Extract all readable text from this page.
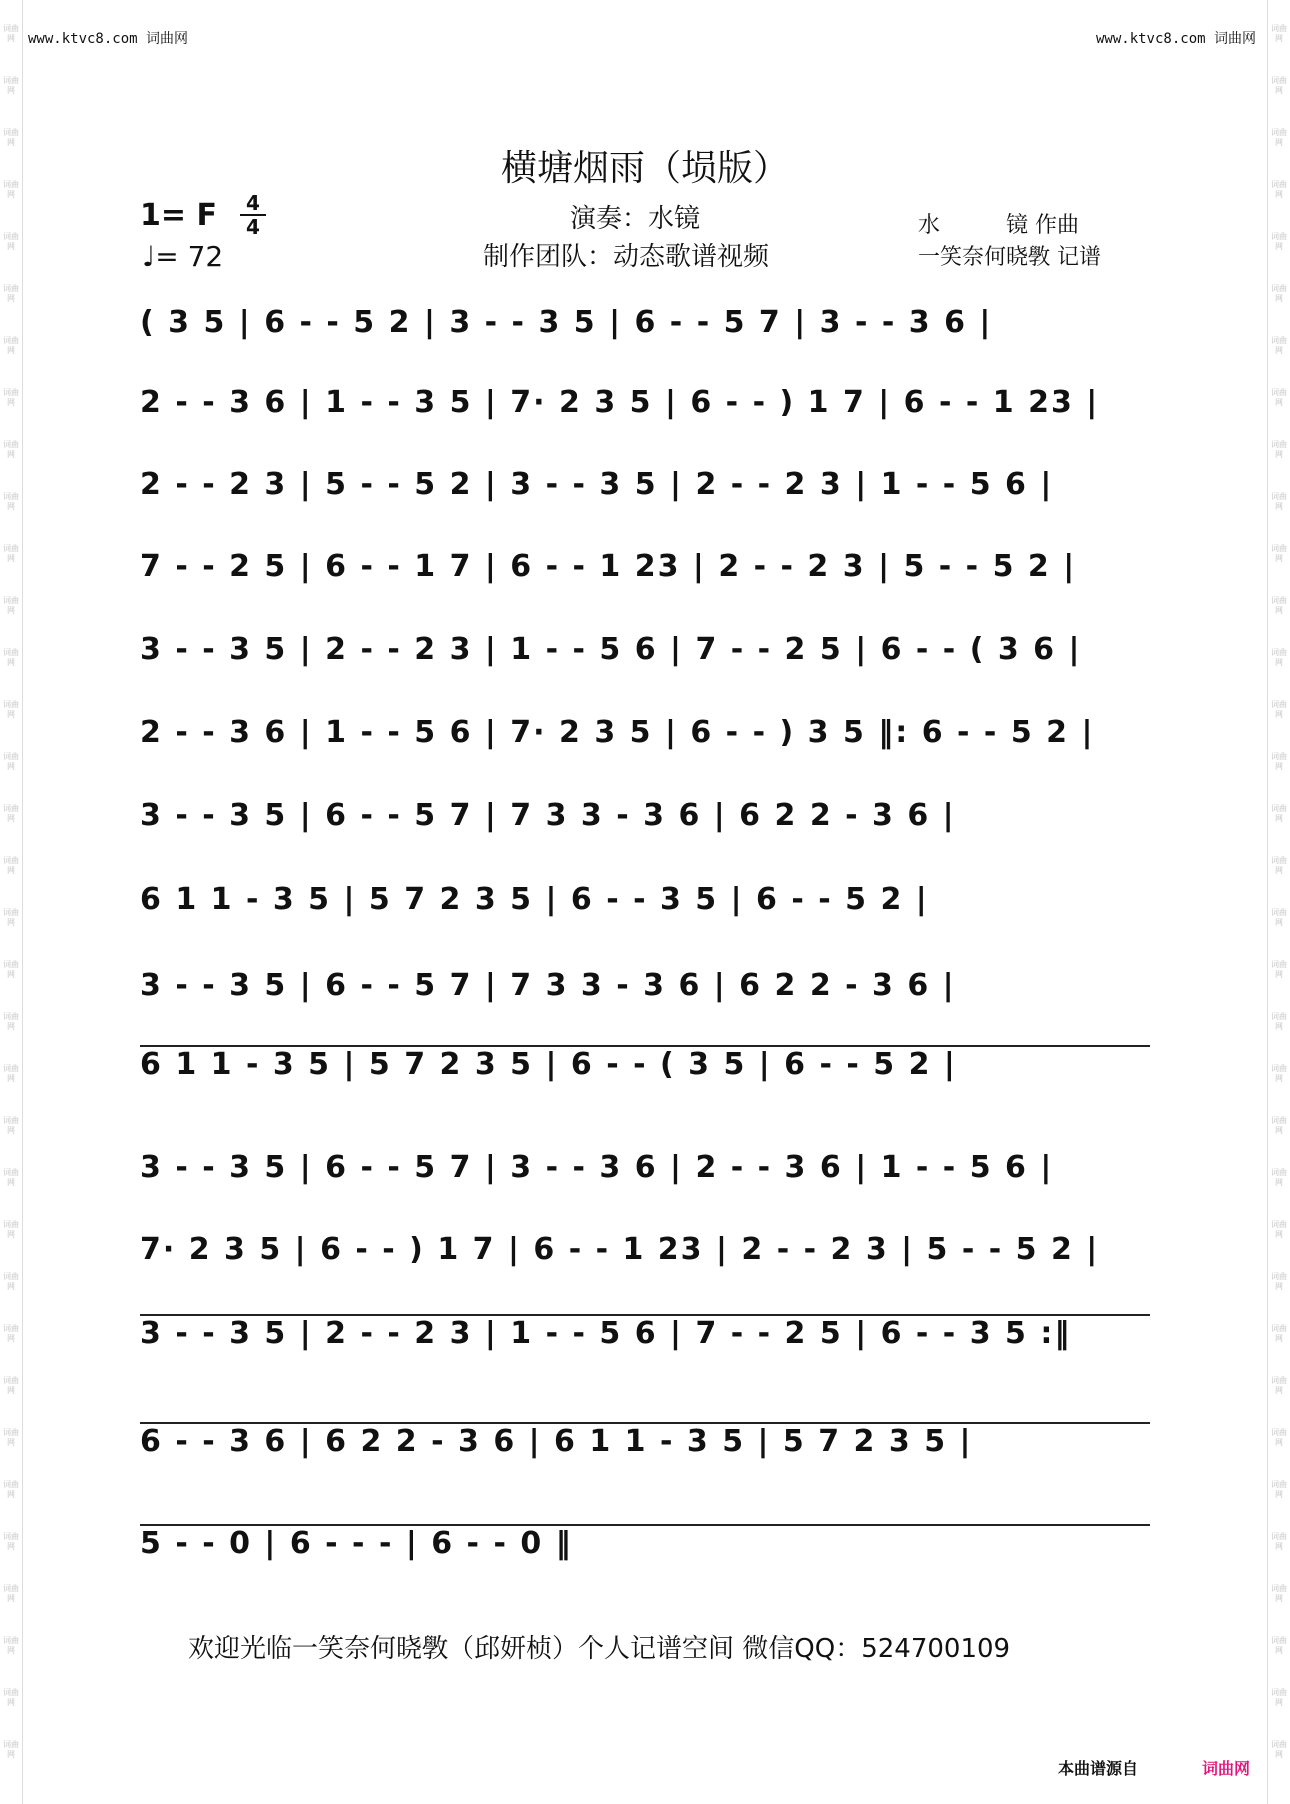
词曲网
词曲网
词曲网
词曲网
词曲网
词曲网
词曲网
词曲网
词曲网
词曲网
词曲网
词曲网
词曲网
词曲网
词曲网
词曲网
词曲网
词曲网
词曲网
词曲网
词曲网
词曲网
词曲网
词曲网
词曲网
词曲网
词曲网
词曲网
词曲网
词曲网
词曲网
词曲网
词曲网
词曲网
词曲网
词曲网
词曲网
词曲网
词曲网
词曲网
词曲网
词曲网
词曲网
词曲网
词曲网
词曲网
词曲网
词曲网
词曲网
词曲网
词曲网
词曲网
词曲网
词曲网
词曲网
词曲网
词曲网
词曲网
词曲网
词曲网
词曲网
词曲网
词曲网
词曲网
词曲网
词曲网
词曲网
词曲网
www.ktvc8.com 词曲网	www.ktvc8.com 词曲网
横塘烟雨（埙版）
1= F	4
4
♩= 72
演奏：水镜
制作团队：动态歌谱视频
水　　　镜 作曲
一笑奈何晓斆 记谱
( 3 5 | 6 - - 5 2 | 3 - - 3 5 | 6 - - 5 7 | 3 - - 3 6 |
2 - - 3 6 | 1 - - 3 5 | 7· 2 3 5 | 6 - - ) 1 7 | 6 - - 1 23 |
2 - - 2 3 | 5 - - 5 2 | 3 - - 3 5 | 2 - - 2 3 | 1 - - 5 6 |
7 - - 2 5 | 6 - - 1 7 | 6 - - 1 23 | 2 - - 2 3 | 5 - - 5 2 |
3 - - 3 5 | 2 - - 2 3 | 1 - - 5 6 | 7 - - 2 5 | 6 - - ( 3 6 |
2 - - 3 6 | 1 - - 5 6 | 7· 2 3 5 | 6 - - ) 3 5 ‖: 6 - - 5 2 |
3 - - 3 5 | 6 - - 5 7 | 7 3 3 - 3 6 | 6 2 2 - 3 6 |
6 1 1 - 3 5 | 5 7 2 3 5 | 6 - - 3 5 | 6 - - 5 2 |
3 - - 3 5 | 6 - - 5 7 | 7 3 3 - 3 6 | 6 2 2 - 3 6 |
6 1 1 - 3 5 | 5 7 2 3 5 | 6 - - ( 3 5 | 6 - - 5 2 |
3 - - 3 5 | 6 - - 5 7 | 3 - - 3 6 | 2 - - 3 6 | 1 - - 5 6 |
7· 2 3 5 | 6 - - ) 1 7 | 6 - - 1 23 | 2 - - 2 3 | 5 - - 5 2 |
3 - - 3 5 | 2 - - 2 3 | 1 - - 5 6 | 7 - - 2 5 | 6 - - 3 5 :‖
6 - - 3 6 | 6 2 2 - 3 6 | 6 1 1 - 3 5 | 5 7 2 3 5 |
5 - - 0 | 6 - - - | 6 - - 0 ‖
欢迎光临一笑奈何晓斆（邱妍桢）个人记谱空间 微信QQ：524700109
本曲谱源自	词曲网
